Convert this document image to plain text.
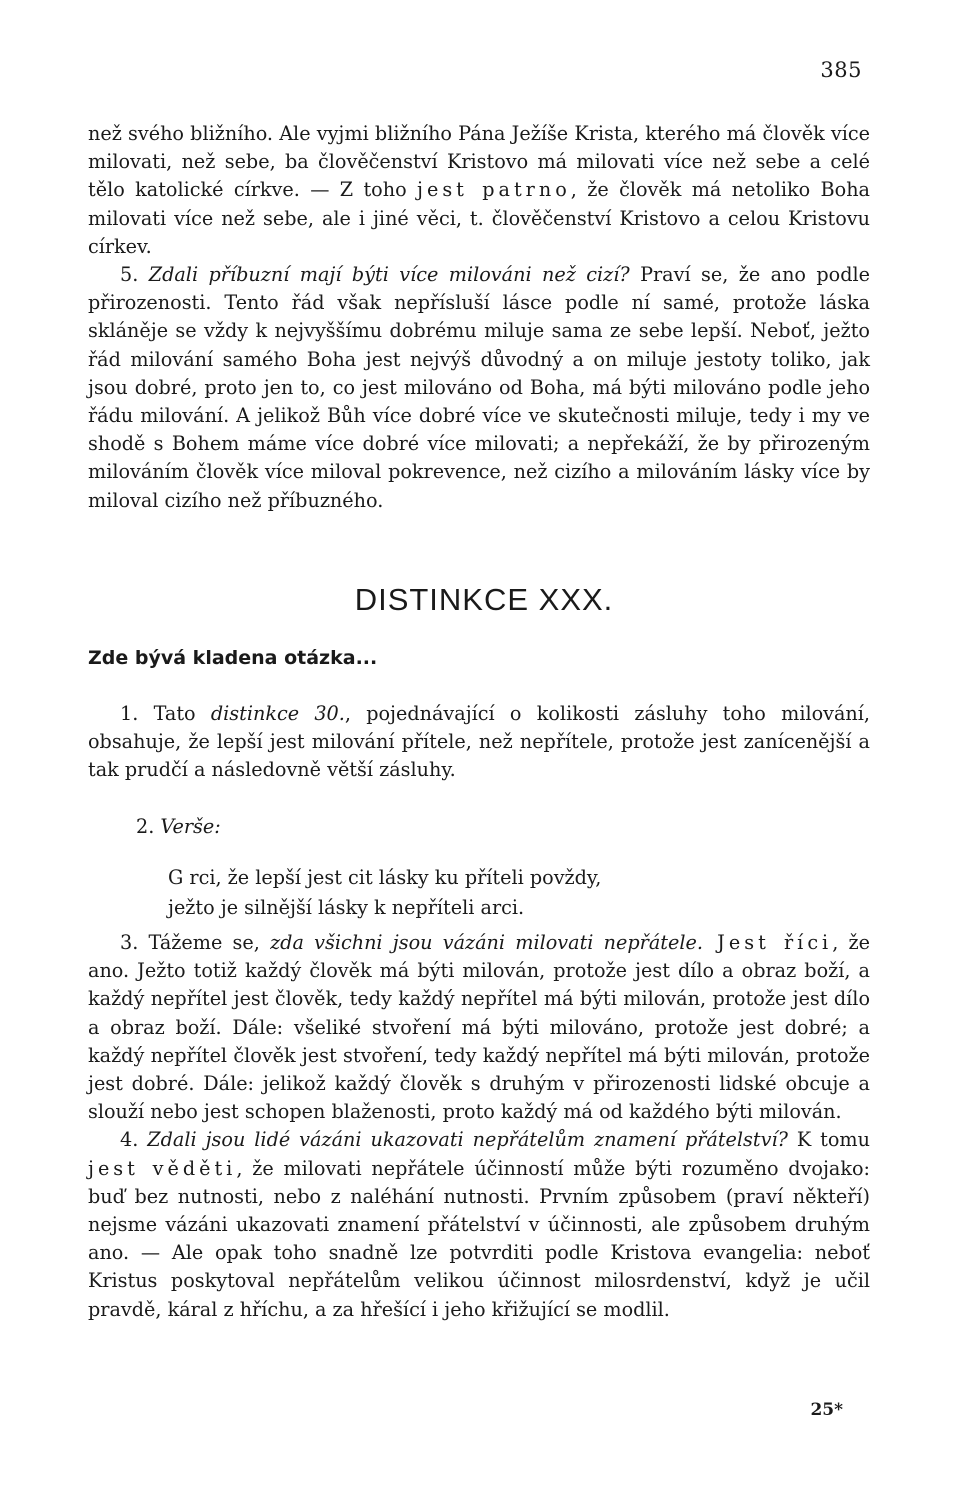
385

než svého bližního. Ale vyjmi bližního Pána Ježíše Krista, kterého má člověk více milovati, než sebe, ba člověčenství Kristovo má milovati více než sebe a celé tělo katolické církve. — Z toho jest patrno, že člověk má netoliko Boha milovati více než sebe, ale i jiné věci, t. člověčenství Kristovo a celou Kristovu církev.

5. Zdali příbuzní mají býti více milováni než cizí? Praví se, že ano podle přirozenosti. Tento řád však nepřísluší lásce podle ní samé, protože láska skláněje se vždy k nejvyššímu dobrému miluje sama ze sebe lepší. Neboť, ježto řád milování samého Boha jest nejvýš důvodný a on miluje jestoty toliko, jak jsou dobré, proto jen to, co jest milováno od Boha, má býti milováno podle jeho řádu milování. A jelikož Bůh více dobré více ve skutečnosti miluje, tedy i my ve shodě s Bohem máme více dobré více milovati; a nepřekáží, že by přirozeným milováním člověk více miloval pokrevence, než cizího a milováním lásky více by miloval cizího než příbuzného.

DISTINKCE XXX.
Zde bývá kladena otázka...

1. Tato distinkce 30., pojednávající o kolikosti zásluhy toho milování, obsahuje, že lepší jest milování přítele, než nepřítele, protože jest zanícenější a tak prudčí a následovně větší zásluhy.

2. Verše:
G rci, že lepší jest cit lásky ku příteli povždy,
ježto je silnější lásky k nepříteli arci.

3. Tážeme se, zda všichni jsou vázáni milovati nepřátele. Jest říci, že ano. Ježto totiž každý člověk má býti milován, protože jest dílo a obraz boží, a každý nepřítel jest člověk, tedy každý nepřítel má býti milován, protože jest dílo a obraz boží. Dále: všeliké stvoření má býti milováno, protože jest dobré; a každý nepřítel člověk jest stvoření, tedy každý nepřítel má býti milován, protože jest dobré. Dále: jelikož každý člověk s druhým v přirozenosti lidské obcuje a slouží nebo jest schopen blaženosti, proto každý má od každého býti milován.

4. Zdali jsou lidé vázáni ukazovati nepřátelům znamení přátelství? K tomu jest věděti, že milovati nepřátele účinností může býti rozuměno dvojako: buď bez nutnosti, nebo z naléhání nutnosti. Prvním způsobem (praví někteří) nejsme vázáni ukazovati znamení přátelství v účinnosti, ale způsobem druhým ano. — Ale opak toho snadně lze potvrditi podle Kristova evangelia: neboť Kristus poskytoval nepřátelům velikou účinnost milosrdenství, když je učil pravdě, káral z hříchu, a za hřešící i jeho křižující se modlil.

25*
